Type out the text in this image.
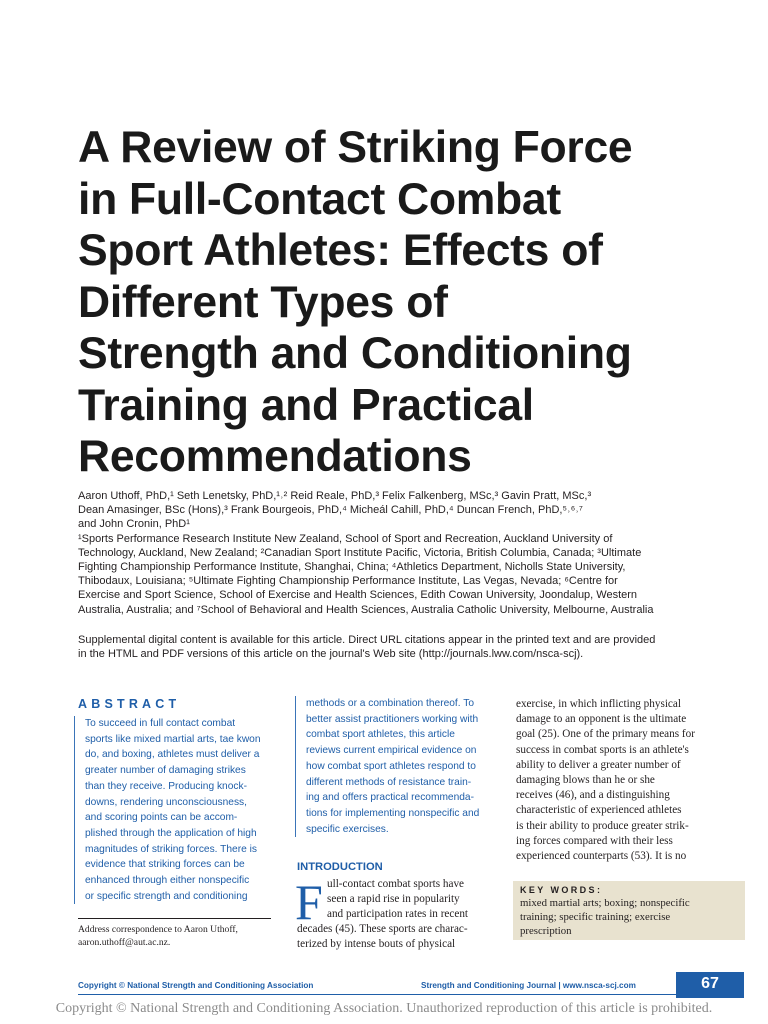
A Review of Striking Force
in Full-Contact Combat
Sport Athletes: Effects of
Different Types of
Strength and Conditioning
Training and Practical
Recommendations
Aaron Uthoff, PhD,¹ Seth Lenetsky, PhD,¹˒² Reid Reale, PhD,³ Felix Falkenberg, MSc,³ Gavin Pratt, MSc,³
Dean Amasinger, BSc (Hons),³ Frank Bourgeois, PhD,⁴ Micheál Cahill, PhD,⁴ Duncan French, PhD,⁵˒⁶˒⁷
and John Cronin, PhD¹
¹Sports Performance Research Institute New Zealand, School of Sport and Recreation, Auckland University of
Technology, Auckland, New Zealand; ²Canadian Sport Institute Pacific, Victoria, British Columbia, Canada; ³Ultimate
Fighting Championship Performance Institute, Shanghai, China; ⁴Athletics Department, Nicholls State University,
Thibodaux, Louisiana; ⁵Ultimate Fighting Championship Performance Institute, Las Vegas, Nevada; ⁶Centre for
Exercise and Sport Science, School of Exercise and Health Sciences, Edith Cowan University, Joondalup, Western
Australia, Australia; and ⁷School of Behavioral and Health Sciences, Australia Catholic University, Melbourne, Australia
Supplemental digital content is available for this article. Direct URL citations appear in the printed text and are provided
in the HTML and PDF versions of this article on the journal's Web site (http://journals.lww.com/nsca-scj).
ABSTRACT
To succeed in full contact combat
sports like mixed martial arts, tae kwon
do, and boxing, athletes must deliver a
greater number of damaging strikes
than they receive. Producing knock-
downs, rendering unconsciousness,
and scoring points can be accom-
plished through the application of high
magnitudes of striking forces. There is
evidence that striking forces can be
enhanced through either nonspecific
or specific strength and conditioning
methods or a combination thereof. To
better assist practitioners working with
combat sport athletes, this article
reviews current empirical evidence on
how combat sport athletes respond to
different methods of resistance train-
ing and offers practical recommenda-
tions for implementing nonspecific and
specific exercises.
Address correspondence to Aaron Uthoff,
aaron.uthoff@aut.ac.nz.
INTRODUCTION
F ull-contact combat sports have
seen a rapid rise in popularity
and participation rates in recent
decades (45). These sports are charac-
terized by intense bouts of physical
exercise, in which inflicting physical
damage to an opponent is the ultimate
goal (25). One of the primary means for
success in combat sports is an athlete's
ability to deliver a greater number of
damaging blows than he or she
receives (46), and a distinguishing
characteristic of experienced athletes
is their ability to produce greater strik-
ing forces compared with their less
experienced counterparts (53). It is no
KEY WORDS:
mixed martial arts; boxing; nonspecific
training; specific training; exercise
prescription
Copyright © National Strength and Conditioning Association	Strength and Conditioning Journal | www.nsca-scj.com	67
Copyright © National Strength and Conditioning Association. Unauthorized reproduction of this article is prohibited.
